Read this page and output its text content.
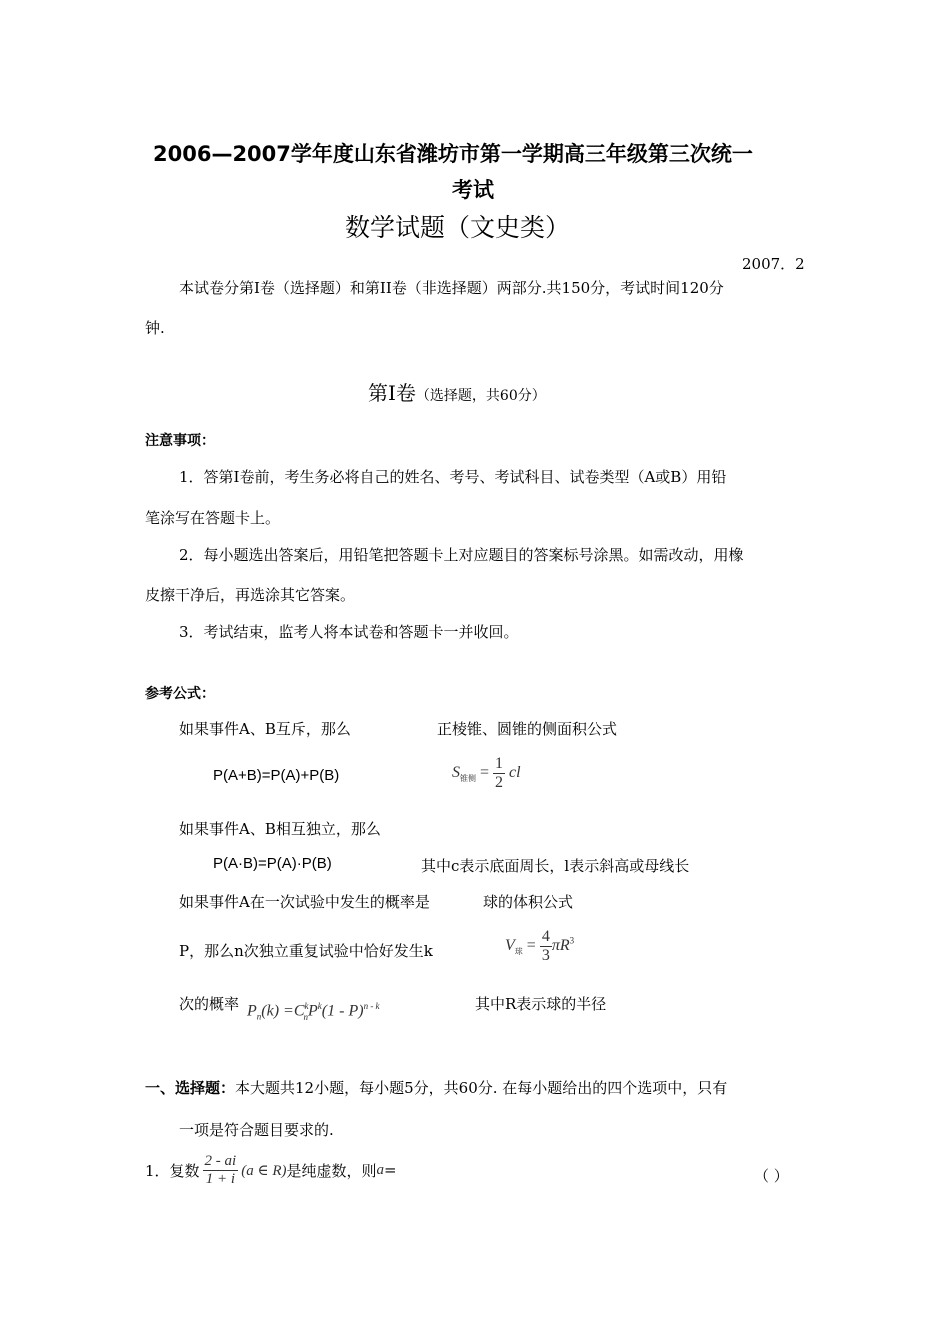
2006—2007学年度山东省潍坊市第一学期高三年级第三次统一
考试
数学试题（文史类）
2007．2
本试卷分第I卷（选择题）和第II卷（非选择题）两部分.共150分，考试时间120分
钟.
第I卷（选择题，共60分）
注意事项：
1．答第I卷前，考生务必将自己的姓名、考号、考试科目、试卷类型（A或B）用铅
笔涂写在答题卡上。
2．每小题选出答案后，用铅笔把答题卡上对应题目的答案标号涂黑。如需改动，用橡
皮擦干净后，再选涂其它答案。
3．考试结束，监考人将本试卷和答题卡一并收回。
参考公式：
如果事件A、B互斥，那么	正棱锥、圆锥的侧面积公式
P(A+B)=P(A)+P(B)	$S_{锥侧} = \frac{1}{2}$ cl
如果事件A、B相互独立，那么
P(A·B)=P(A)·P(B)	其中c表示底面周长，l表示斜高或母线长
如果事件A在一次试验中发生的概率是	球的体积公式
P，那么n次独立重复试验中恰好发生k	$V_球 = \frac{4}{3} \pi R^3$
次的概率 $P_n(k) =C^k_nP^k(1 - P)^{n - k}$	其中R表示球的半径
一、选择题：本大题共12小题，每小题5分，共60分. 在每小题给出的四个选项中，只有
一项是符合题目要求的.
1．复数 $\frac{2 - ai}{1 + i} (a$ ∈ R) 是纯虚数，则 a =	（ ）
